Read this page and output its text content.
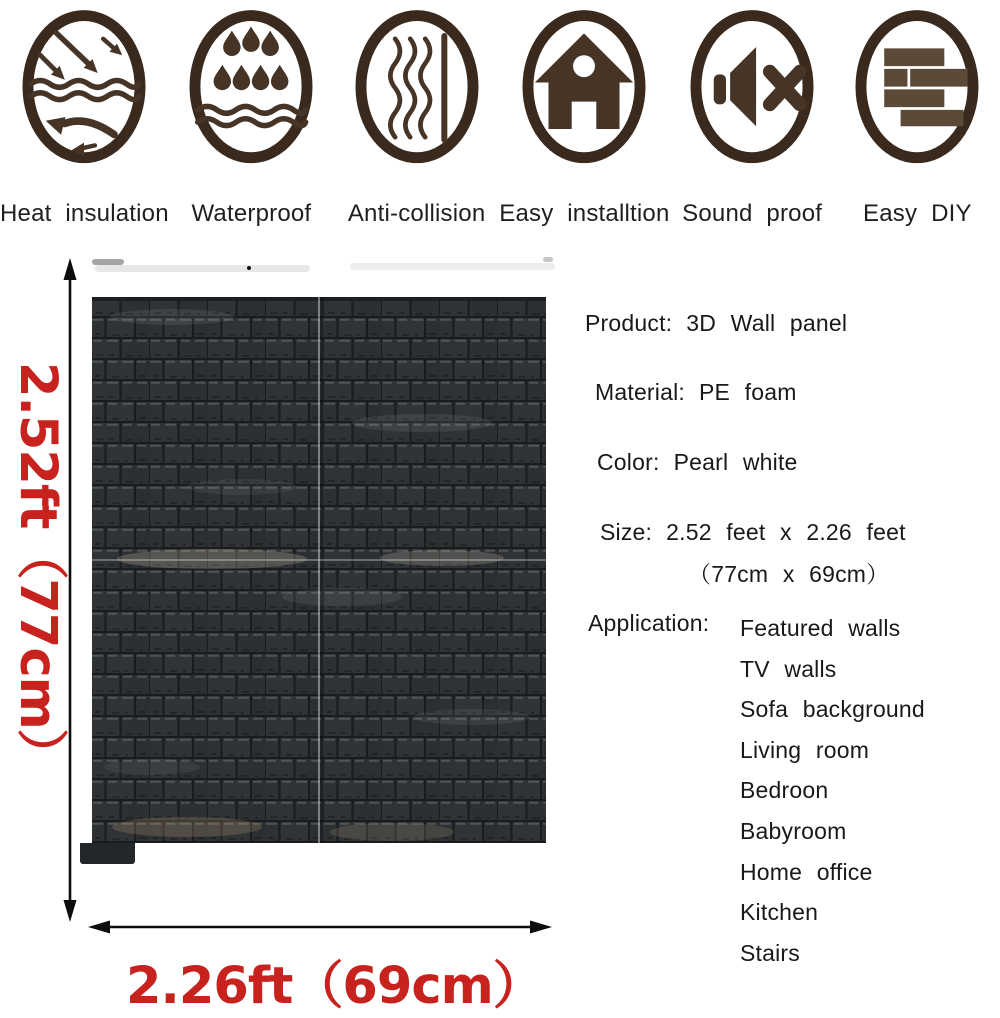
Heat insulation Waterproof Anti-collision Easy installtion Sound proof Easy DIY
2.52ft（77cm）
2.26ft（69cm）
Product: 3D Wall panel
Material: PE foam
Color: Pearl white
Size: 2.52 feet x 2.26 feet
（77cm x 69cm）
Application:	Featured walls
TV walls
Sofa background
Living room
Bedroon
Babyroom
Home office
Kitchen
Stairs
